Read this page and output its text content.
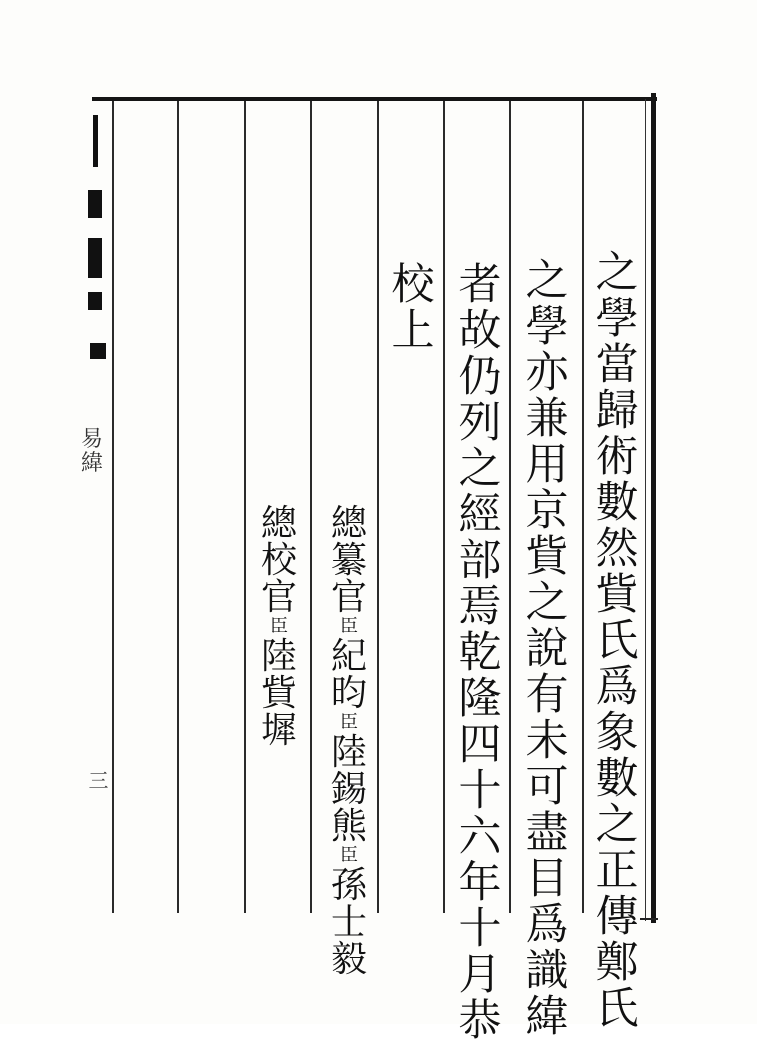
之
學
當
歸
術
數
然
貲
氏
爲
象
數
之
正
傳
鄭
氏
之
學
亦
兼
用
京
貲
之
說
有
未
可
盡
目
爲
識
緯
者
故
仍
列
之
經
部
焉
乾
隆
四
十
六
年
十
月
恭
校
上
總
纂
官
臣
紀
昀
臣
陸
錫
熊
臣
孫
士
毅
總
校
官
臣
陸
貲
墀
易
緯
三
